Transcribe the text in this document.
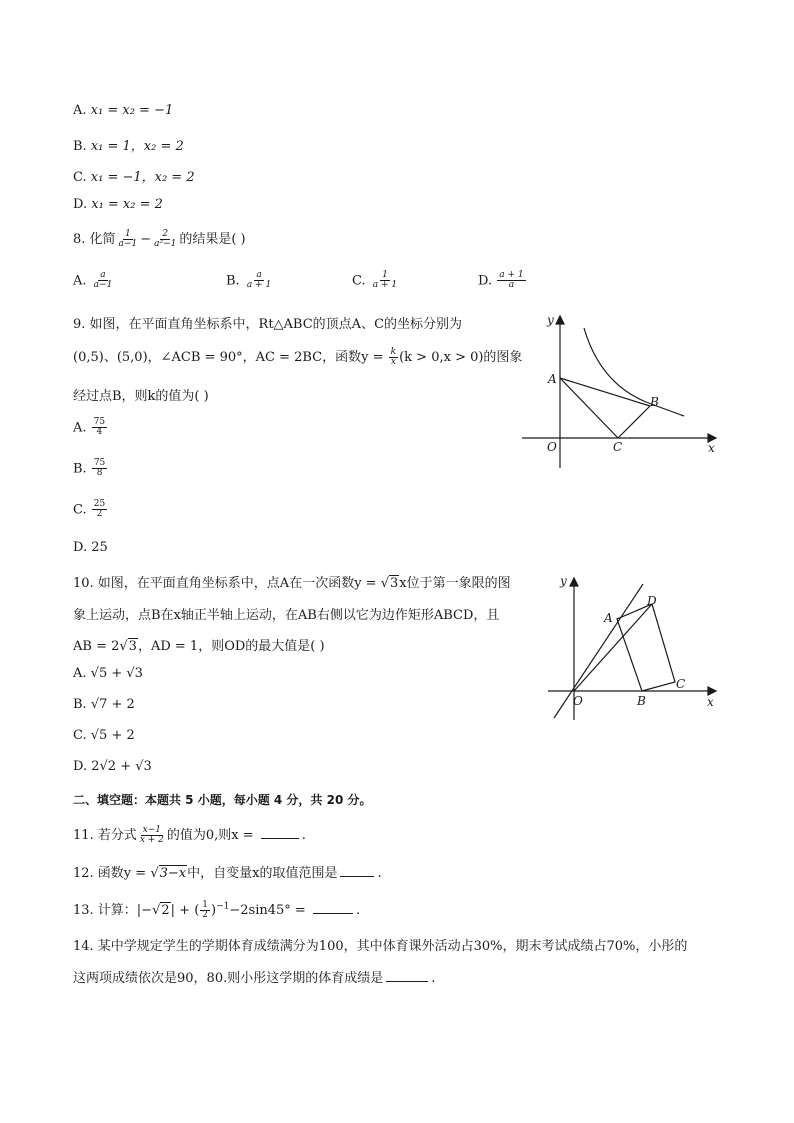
A. x₁ = x₂ = −1
B. x₁ = 1，x₂ = 2
C. x₁ = −1，x₂ = 2
D. x₁ = x₂ = 2
8. 化简 $\frac{1}{a-1} - \frac{2}{\text{a²−1}}$ 的结果是( )
A. $\frac{a}{a-1}$	B. $\frac{a}{a + 1}$	C. $\frac{1}{a + 1}$	D. $\frac{a + 1}{a}$
9. 如图，在平面直角坐标系中，Rt△ABC的顶点A、C的坐标分别为
(0,5)、(5,0)，∠ACB = 90°，AC = 2BC，函数$y = \frac{k}{x} (k > 0,x > 0)$的图象
经过点B，则k的值为( )
A. $\frac{75}{4}$
B. $\frac{75}{8}$
C. $\frac{25}{2}$
D. 25
y
x
O
A
B
C
10. 如图，在平面直角坐标系中，点A在一次函数y = √3x位于第一象限的图
象上运动，点B在x轴正半轴上运动，在AB右侧以它为边作矩形ABCD，且
AB = 2√3，AD = 1，则OD的最大值是( )
A. √5 + √3
B. √7 + 2
C. √5 + 2
D. 2√2 + √3
y
x
O
A
B
C
D
二、填空题：本题共 5 小题，每小题 4 分，共 20 分。
11. 若分式 $\frac{x-1}{x + 2}$ 的值为0,则x =	.
12. 函数y = √3−x中，自变量x的取值范围是	.
13. 计算：|−√2| + ( $\frac{1}{2} )^{-1}-2\sin 45^\circ$ =	.
14. 某中学规定学生的学期体育成绩满分为100，其中体育课外活动占30%，期末考试成绩占70%，小彤的
这两项成绩依次是90，80.则小彤这学期的体育成绩是	.
